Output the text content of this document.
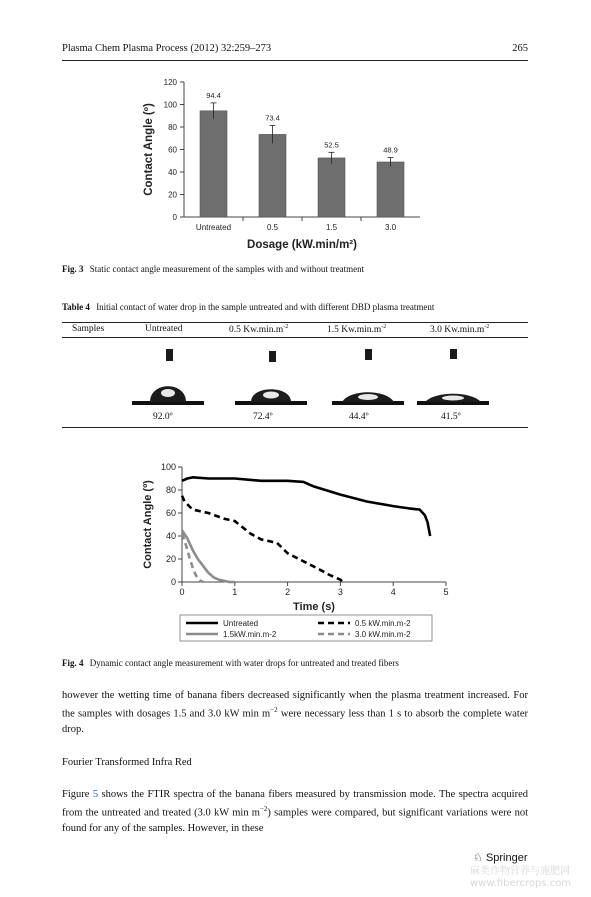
Plasma Chem Plasma Process (2012) 32:259–273	265
0
20
40
60
80
100
120
94.4
Untreated
73.4
0.5
52.5
1.5
48.9
3.0
Dosage (kW.min/m²)
Contact Angle (º)
Fig. 3 Static contact angle measurement of the samples with and without treatment
Table 4 Initial contact of water drop in the sample untreated and with different DBD plasma treatment
Samples	Untreated	0.5 $Kw.\min.m^{-2}$	1.5 $Kw.\min.m^{-2}$	3.0 $Kw.\min.m^{-2}$
92.0º	72.4º	44.4º	41.5º
0
20
40
60
80
100
0	1	2	3	4	5
Time (s)
Contact Angle (º)
Untreated	0.5 kW.min.m-2
1.5kW.min.m-2	3.0 kW.min.m-2
Fig. 4 Dynamic contact angle measurement with water drops for untreated and treated fibers
however the wetting time of banana fibers decreased significantly when the plasma treatment increased. For the samples with dosages 1.5 and 3.0 kW $\min m^{-2}$ were necessary less than 1 s to absorb the complete water drop.
Fourier Transformed Infra Red
Figure 5 shows the FTIR spectra of the banana fibers measured by transmission mode. The spectra acquired from the untreated and treated (3.0 kW $\min m^{-2}$) samples were compared, but significant variations were not found for any of the samples. However, in these
♘ Springer
麻类作物营养与施肥网
www.fibercrops.com
